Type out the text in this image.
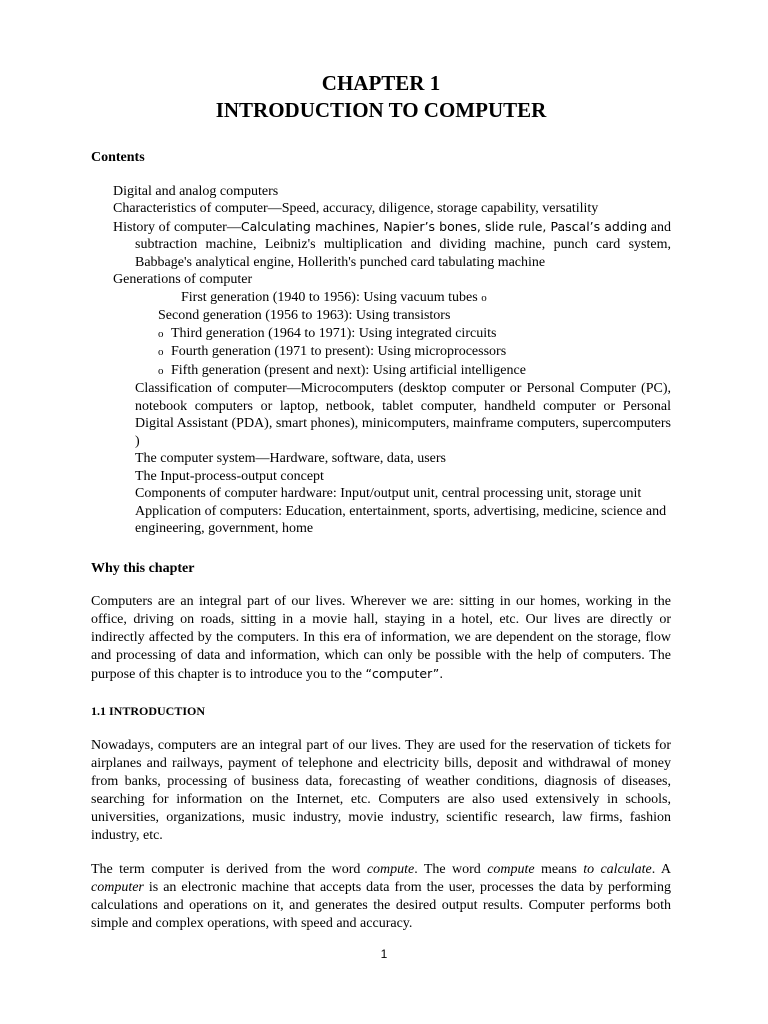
CHAPTER 1
INTRODUCTION TO COMPUTER
Contents
Digital and analog computers
Characteristics of computer—Speed, accuracy, diligence, storage capability, versatility
History of computer—Calculating machines, Napier’s bones, slide rule, Pascal’s adding and subtraction machine, Leibniz's multiplication and dividing machine, punch card system, Babbage's analytical engine, Hollerith's punched card tabulating machine
Generations of computer
First generation (1940 to 1956): Using vacuum tubes o
Second generation (1956 to 1963): Using transistors
o Third generation (1964 to 1971): Using integrated circuits
o Fourth generation (1971 to present): Using microprocessors
o Fifth generation (present and next): Using artificial intelligence
Classification of computer—Microcomputers (desktop computer or Personal Computer (PC), notebook computers or laptop, netbook, tablet computer, handheld computer or Personal Digital Assistant (PDA), smart phones), minicomputers, mainframe computers, supercomputers )
The computer system—Hardware, software, data, users
The Input-process-output concept
Components of computer hardware: Input/output unit, central processing unit, storage unit
Application of computers: Education, entertainment, sports, advertising, medicine, science and engineering, government, home
Why this chapter
Computers are an integral part of our lives. Wherever we are: sitting in our homes, working in the office, driving on roads, sitting in a movie hall, staying in a hotel, etc. Our lives are directly or indirectly affected by the computers. In this era of information, we are dependent on the storage, flow and processing of data and information, which can only be possible with the help of computers. The purpose of this chapter is to introduce you to the “computer”.
1.1 INTRODUCTION
Nowadays, computers are an integral part of our lives. They are used for the reservation of tickets for airplanes and railways, payment of telephone and electricity bills, deposit and withdrawal of money from banks, processing of business data, forecasting of weather conditions, diagnosis of diseases, searching for information on the Internet, etc. Computers are also used extensively in schools, universities, organizations, music industry, movie industry, scientific research, law firms, fashion industry, etc.
The term computer is derived from the word compute. The word compute means to calculate. A computer is an electronic machine that accepts data from the user, processes the data by performing calculations and operations on it, and generates the desired output results. Computer performs both simple and complex operations, with speed and accuracy.
1
